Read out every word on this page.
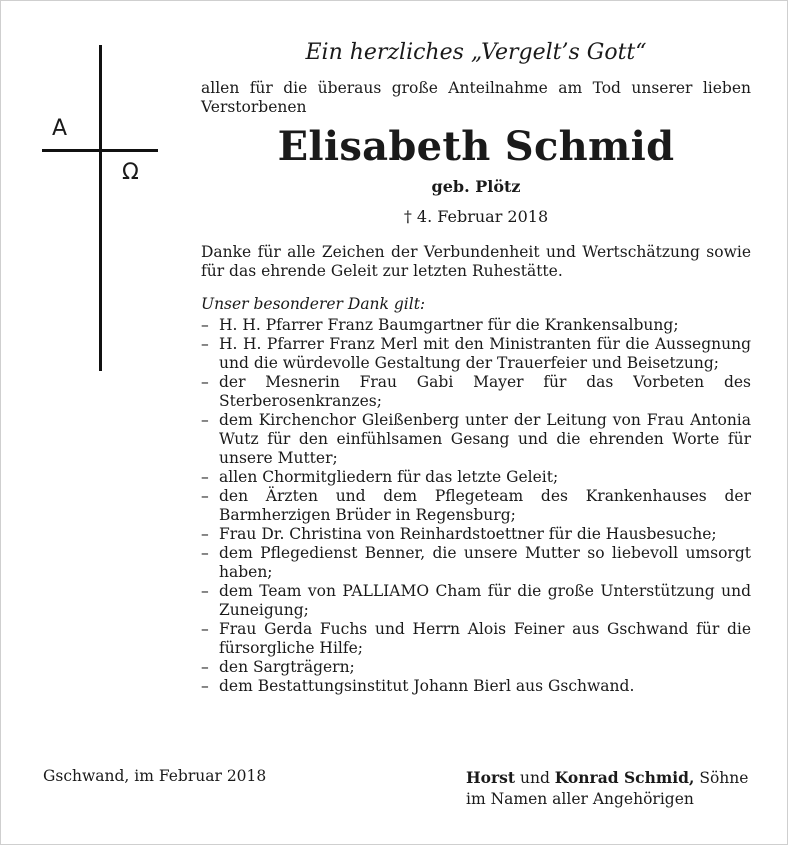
A
Ω

Ein herzliches „Vergelt’s Gott“

allen für die überaus große Anteilnahme am Tod unserer lieben Verstorbenen

Elisabeth Schmid

geb. Plötz

† 4. Februar 2018

Danke für alle Zeichen der Verbundenheit und Wertschätzung sowie für das ehrende Geleit zur letzten Ruhestätte.

Unser besonderer Dank gilt:

– H. H. Pfarrer Franz Baumgartner für die Krankensalbung;
– H. H. Pfarrer Franz Merl mit den Ministranten für die Aussegnung und die würdevolle Gestaltung der Trauerfeier und Beisetzung;
– der Mesnerin Frau Gabi Mayer für das Vorbeten des Sterberosenkranzes;
– dem Kirchenchor Gleißenberg unter der Leitung von Frau Antonia Wutz für den einfühlsamen Gesang und die ehrenden Worte für unsere Mutter;
– allen Chormitgliedern für das letzte Geleit;
– den Ärzten und dem Pflegeteam des Krankenhauses der Barmherzigen Brüder in Regensburg;
– Frau Dr. Christina von Reinhardstoettner für die Hausbesuche;
– dem Pflegedienst Benner, die unsere Mutter so liebevoll umsorgt haben;
– dem Team von PALLIAMO Cham für die große Unterstützung und Zuneigung;
– Frau Gerda Fuchs und Herrn Alois Feiner aus Gschwand für die fürsorgliche Hilfe;
– den Sargträgern;
– dem Bestattungsinstitut Johann Bierl aus Gschwand.
Gschwand, im Februar 2018	Horst und Konrad Schmid, Söhne
im Namen aller Angehörigen
